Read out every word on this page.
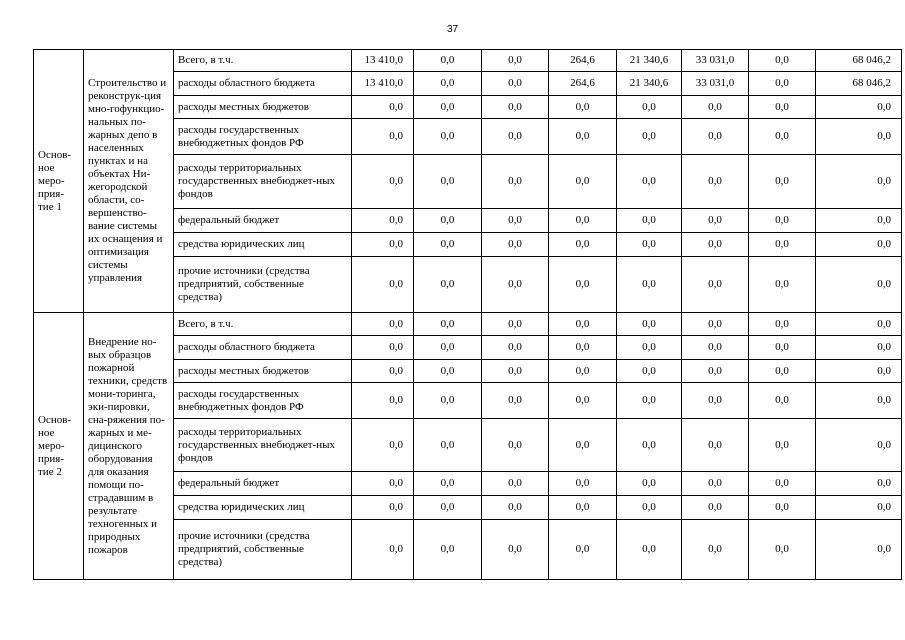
37
Основ-ное меро-прия-тие 1	Строительство и реконструк-ция мно-гофункцио-нальных по-жарных депо в населенных пунктах и на объектах Ни-жегородской области, со-вершенство-вание системы их оснащения и оптимизация системы управления	Всего, в т.ч.	13 410,0	0,0	0,0	264,6	21 340,6	33 031,0	0,0	68 046,2
		расходы областного бюджета	13 410,0	0,0	0,0	264,6	21 340,6	33 031,0	0,0	68 046,2
		расходы местных бюджетов	0,0	0,0	0,0	0,0	0,0	0,0	0,0	0,0
		расходы государственных внебюджетных фондов РФ	0,0	0,0	0,0	0,0	0,0	0,0	0,0	0,0
		расходы территориальных государственных внебюджет-ных фондов	0,0	0,0	0,0	0,0	0,0	0,0	0,0	0,0
		федеральный бюджет	0,0	0,0	0,0	0,0	0,0	0,0	0,0	0,0
		средства юридических лиц	0,0	0,0	0,0	0,0	0,0	0,0	0,0	0,0
		прочие источники (средства предприятий, собственные средства)	0,0	0,0	0,0	0,0	0,0	0,0	0,0	0,0
Основ-ное меро-прия-тие 2	Внедрение но-вых образцов пожарной техники, средств мони-торинга, эки-пировки, сна-ряжения по-жарных и ме-дицинского оборудования для оказания помощи по-страдавшим в результате техногенных и природных пожаров	Всего, в т.ч.	0,0	0,0	0,0	0,0	0,0	0,0	0,0	0,0
		расходы областного бюджета	0,0	0,0	0,0	0,0	0,0	0,0	0,0	0,0
		расходы местных бюджетов	0,0	0,0	0,0	0,0	0,0	0,0	0,0	0,0
		расходы государственных внебюджетных фондов РФ	0,0	0,0	0,0	0,0	0,0	0,0	0,0	0,0
		расходы территориальных государственных внебюджет-ных фондов	0,0	0,0	0,0	0,0	0,0	0,0	0,0	0,0
		федеральный бюджет	0,0	0,0	0,0	0,0	0,0	0,0	0,0	0,0
		средства юридических лиц	0,0	0,0	0,0	0,0	0,0	0,0	0,0	0,0
		прочие источники (средства предприятий, собственные средства)	0,0	0,0	0,0	0,0	0,0	0,0	0,0	0,0
